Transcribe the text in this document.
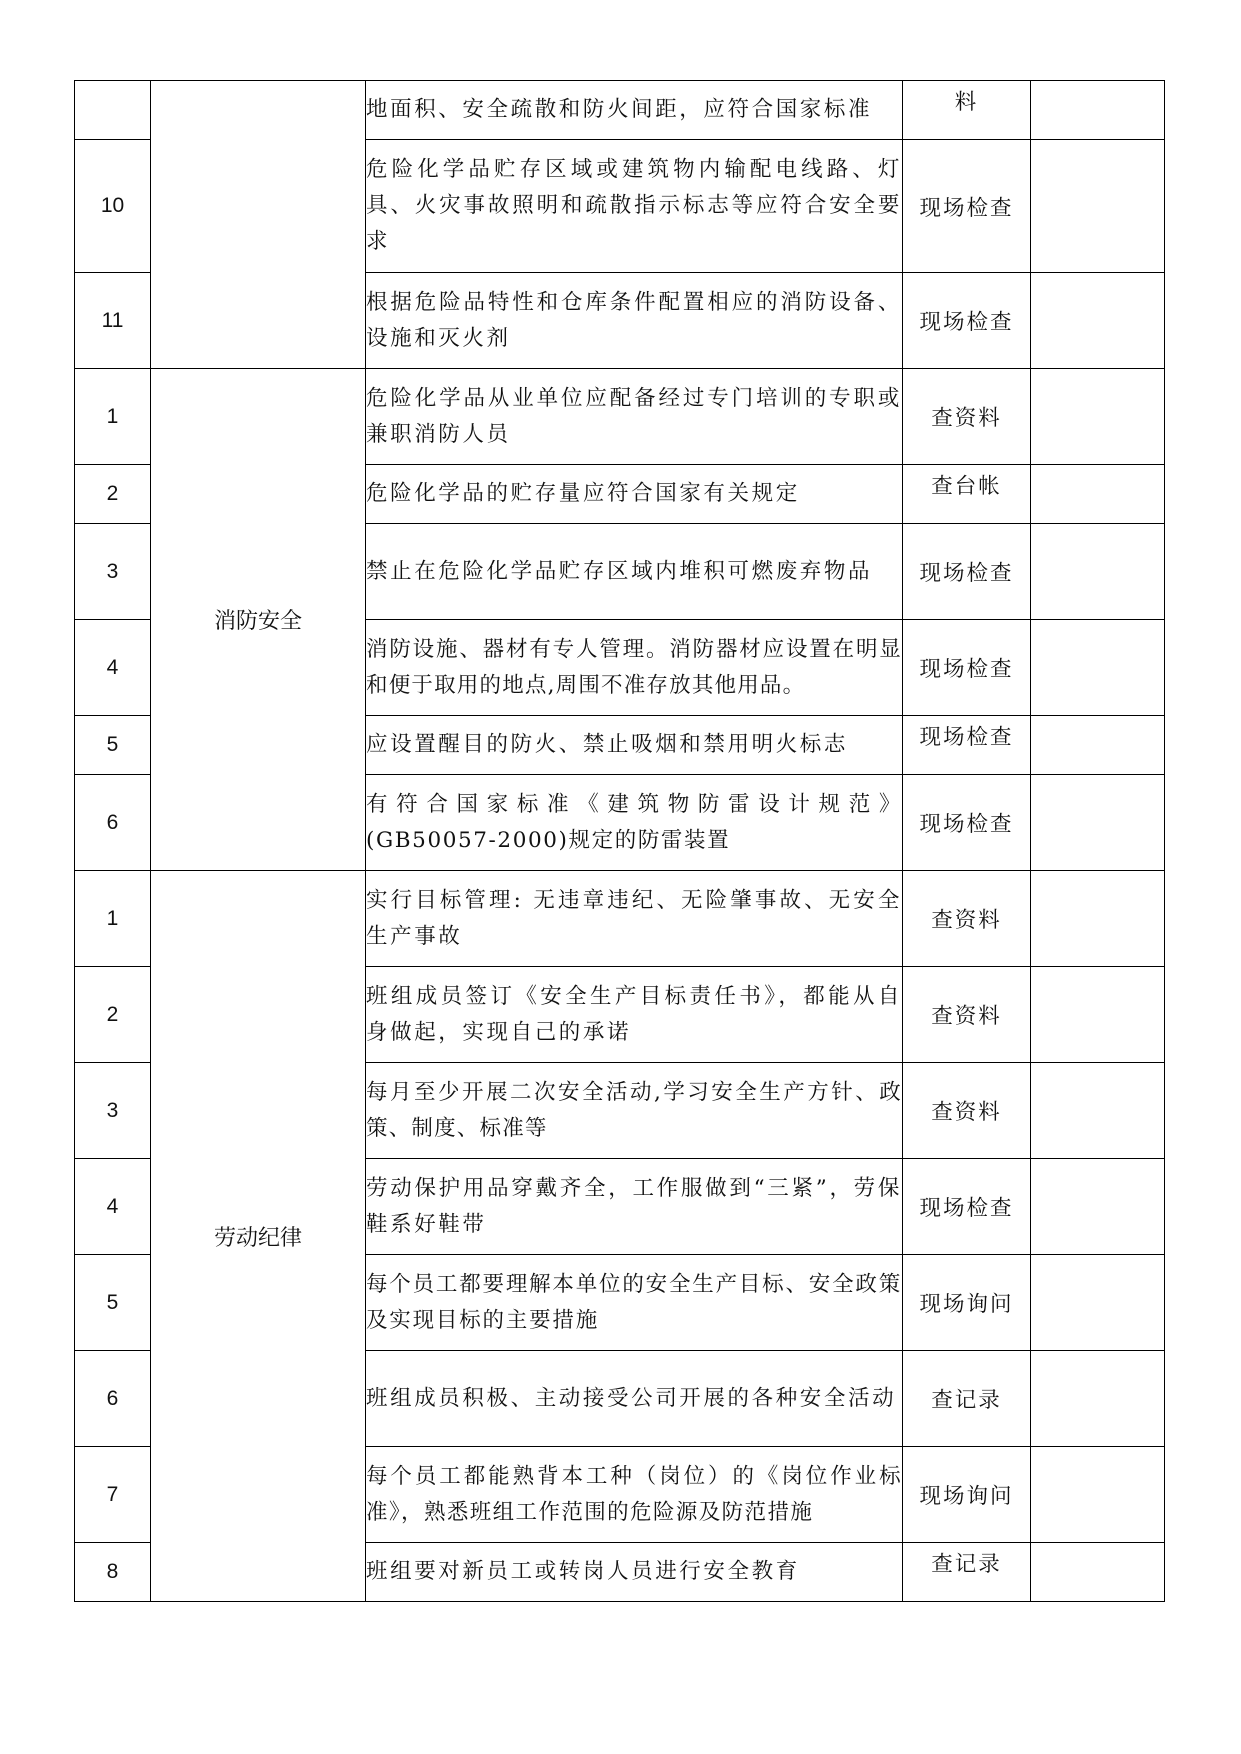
		地面积、安全疏散和防火间距，应符合国家标准	料	
10		危险化学品贮存区域或建筑物内输配电线路、灯具、火灾事故照明和疏散指示标志等应符合安全要求	现场检查	
11		根据危险品特性和仓库条件配置相应的消防设备、设施和灭火剂	现场检查	
1	消防安全	危险化学品从业单位应配备经过专门培训的专职或兼职消防人员	查资料	
2		危险化学品的贮存量应符合国家有关规定	查台帐	
3		禁止在危险化学品贮存区域内堆积可燃废弃物品	现场检查	
4		消防设施、器材有专人管理。消防器材应设置在明显和便于取用的地点,周围不准存放其他用品。	现场检查	
5		应设置醒目的防火、禁止吸烟和禁用明火标志	现场检查	
6		有符合国家标准《建筑物防雷设计规范》(GB50057-2000)规定的防雷装置	现场检查	
1	劳动纪律	实行目标管理: 无违章违纪、无险肇事故、无安全生产事故	查资料	
2		班组成员签订《安全生产目标责任书》，都能从自身做起，实现自己的承诺	查资料	
3		每月至少开展二次安全活动,学习安全生产方针、政策、制度、标准等	查资料	
4		劳动保护用品穿戴齐全，工作服做到“三紧”，劳保鞋系好鞋带	现场检查	
5		每个员工都要理解本单位的安全生产目标、安全政策及实现目标的主要措施	现场询问	
6		班组成员积极、主动接受公司开展的各种安全活动	查记录	
7		每个员工都能熟背本工种（岗位）的《岗位作业标准》，熟悉班组工作范围的危险源及防范措施	现场询问	
8		班组要对新员工或转岗人员进行安全教育	查记录	
